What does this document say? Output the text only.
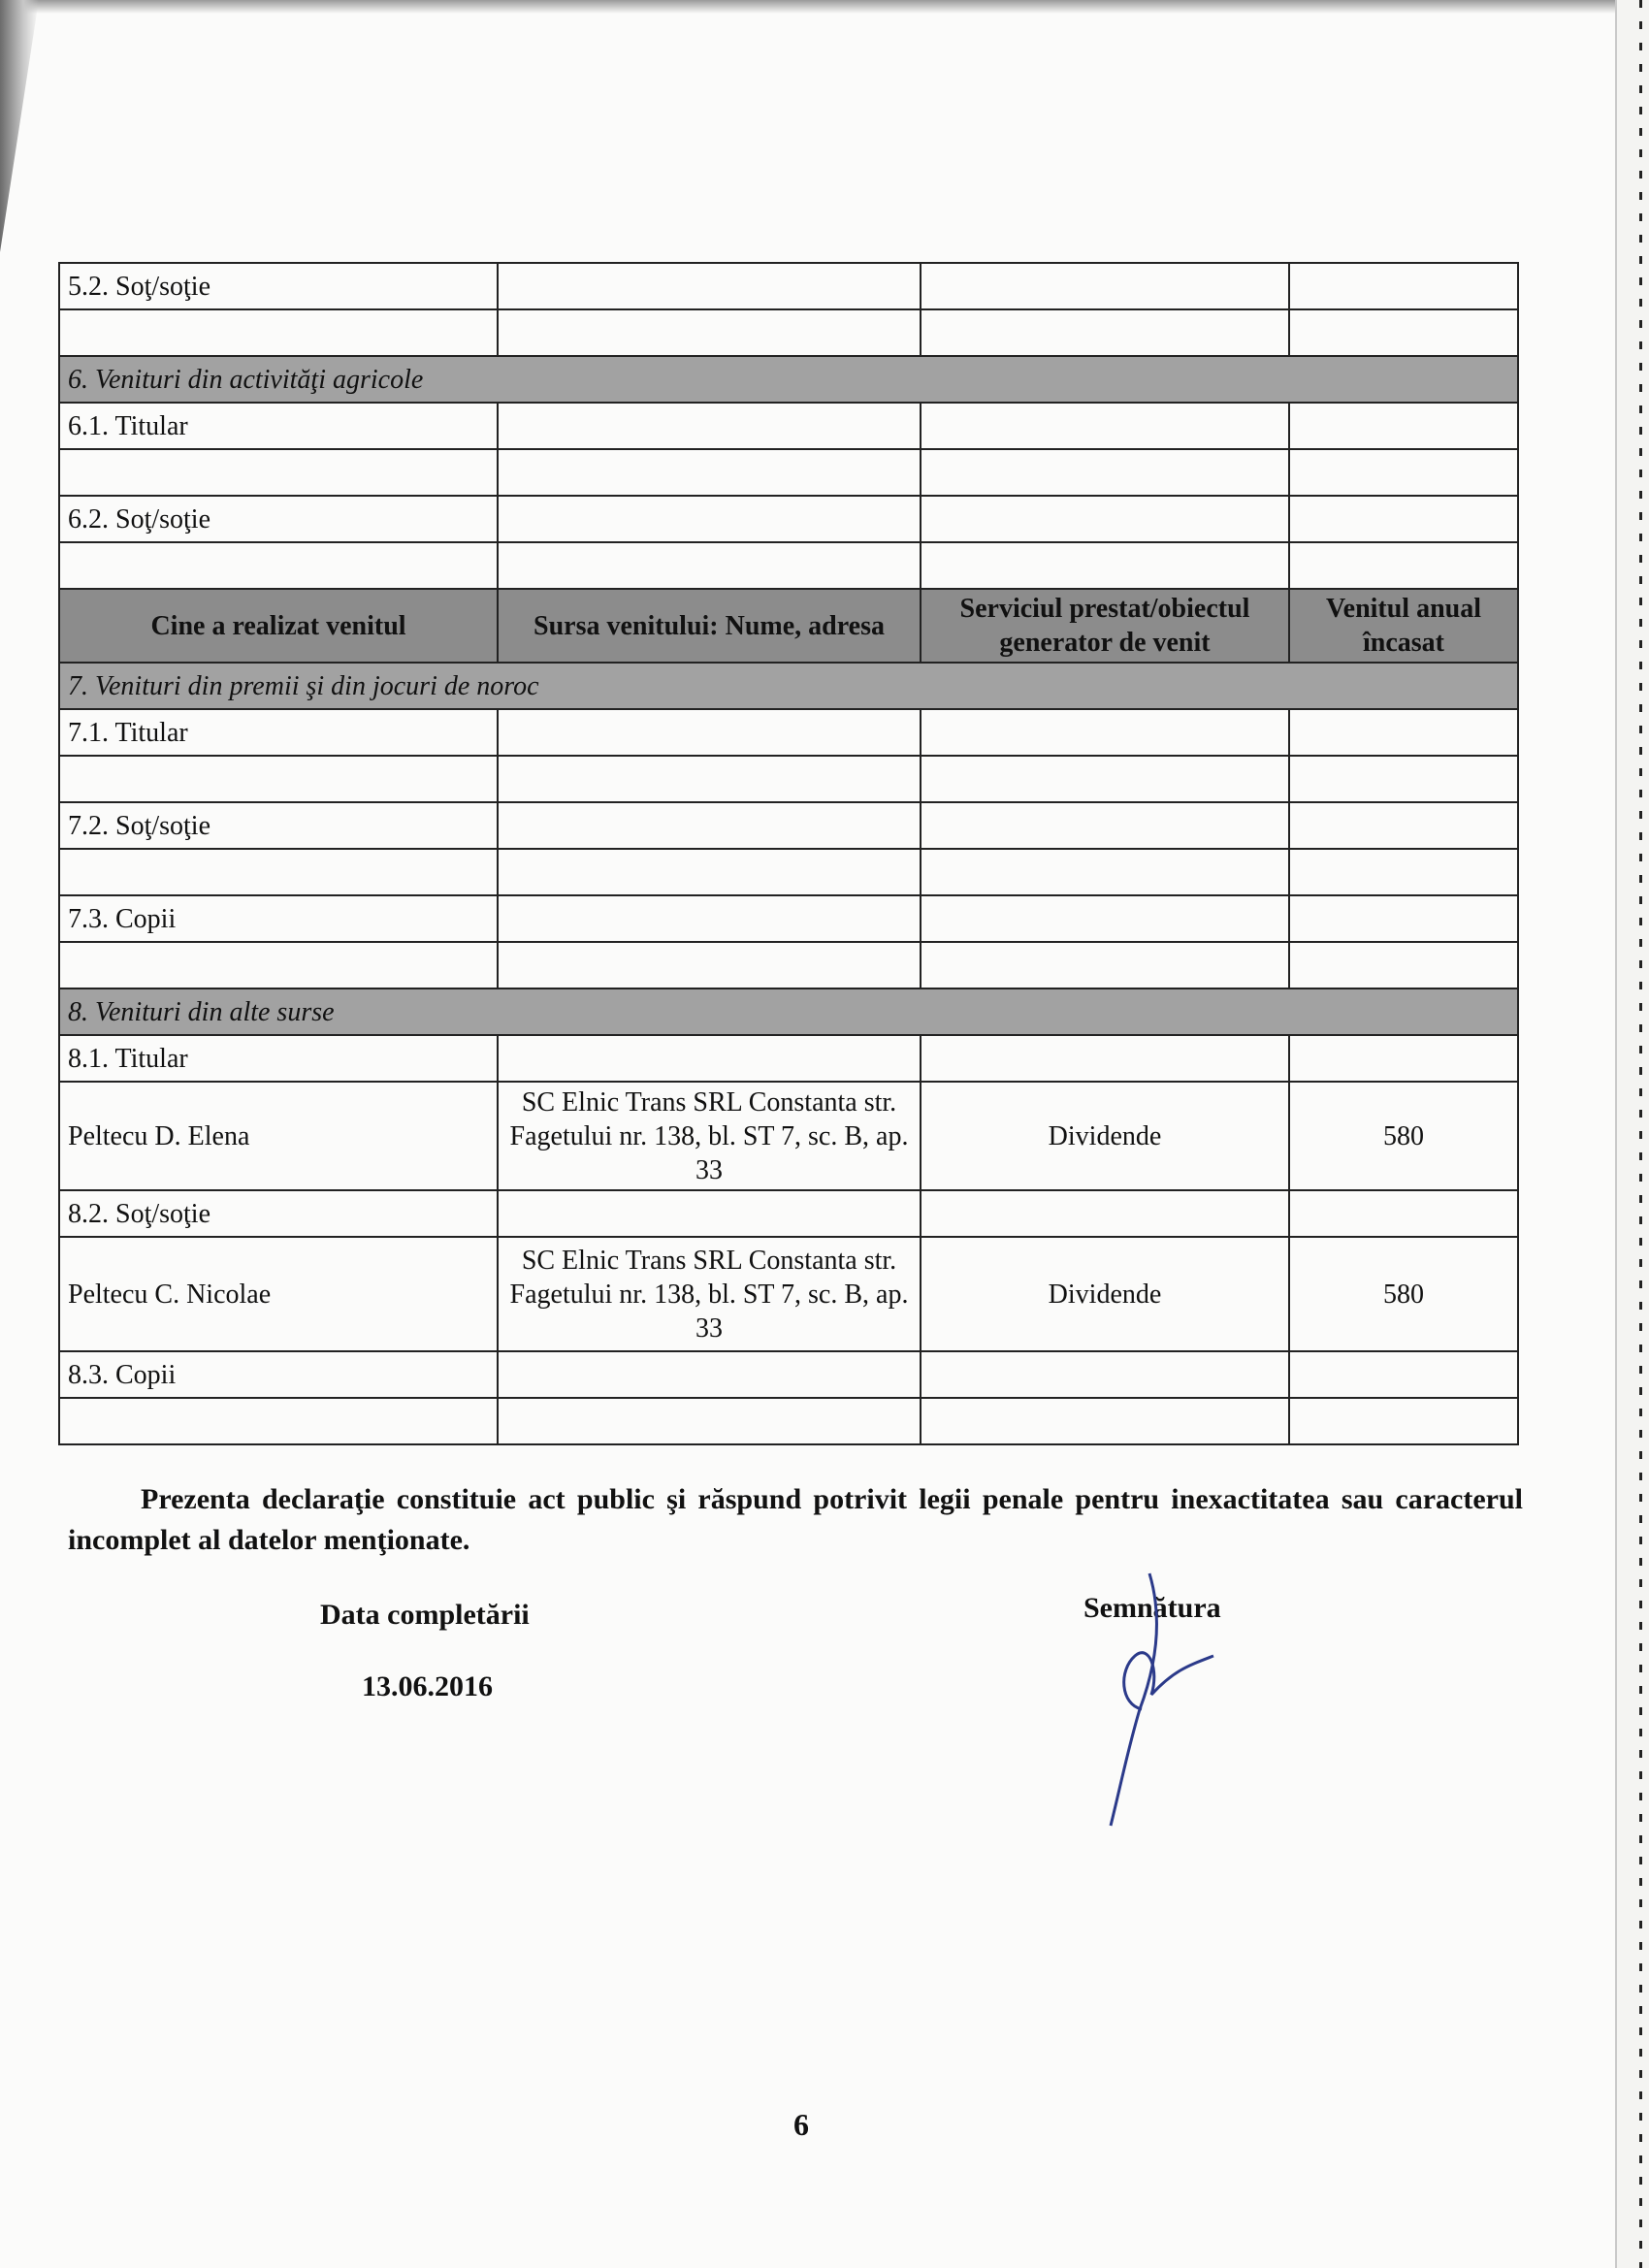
5.2. Soţ/soţie			

6. Venituri din activităţi agricole			
6.1. Titular			

6.2. Soţ/soţie			

Cine a realizat venitul	Sursa venitului: Nume, adresa	Serviciul prestat/obiectul generator de venit	Venitul anual încasat
7. Venituri din premii şi din jocuri de noroc			
7.1. Titular			

7.2. Soţ/soţie			

7.3. Copii			

8. Venituri din alte surse			
8.1. Titular			
Peltecu D. Elena	SC Elnic Trans SRL Constanta str. Fagetului nr. 138, bl. ST 7, sc. B, ap. 33	Dividende	580
8.2. Soţ/soţie			
Peltecu C. Nicolae	SC Elnic Trans SRL Constanta str. Fagetului nr. 138, bl. ST 7, sc. B, ap. 33	Dividende	580
8.3. Copii			

Prezenta declaraţie constituie act public şi răspund potrivit legii penale pentru inexactitatea sau caracterul incomplet al datelor menţionate.
Data completării
13.06.2016
Semnătura
6
